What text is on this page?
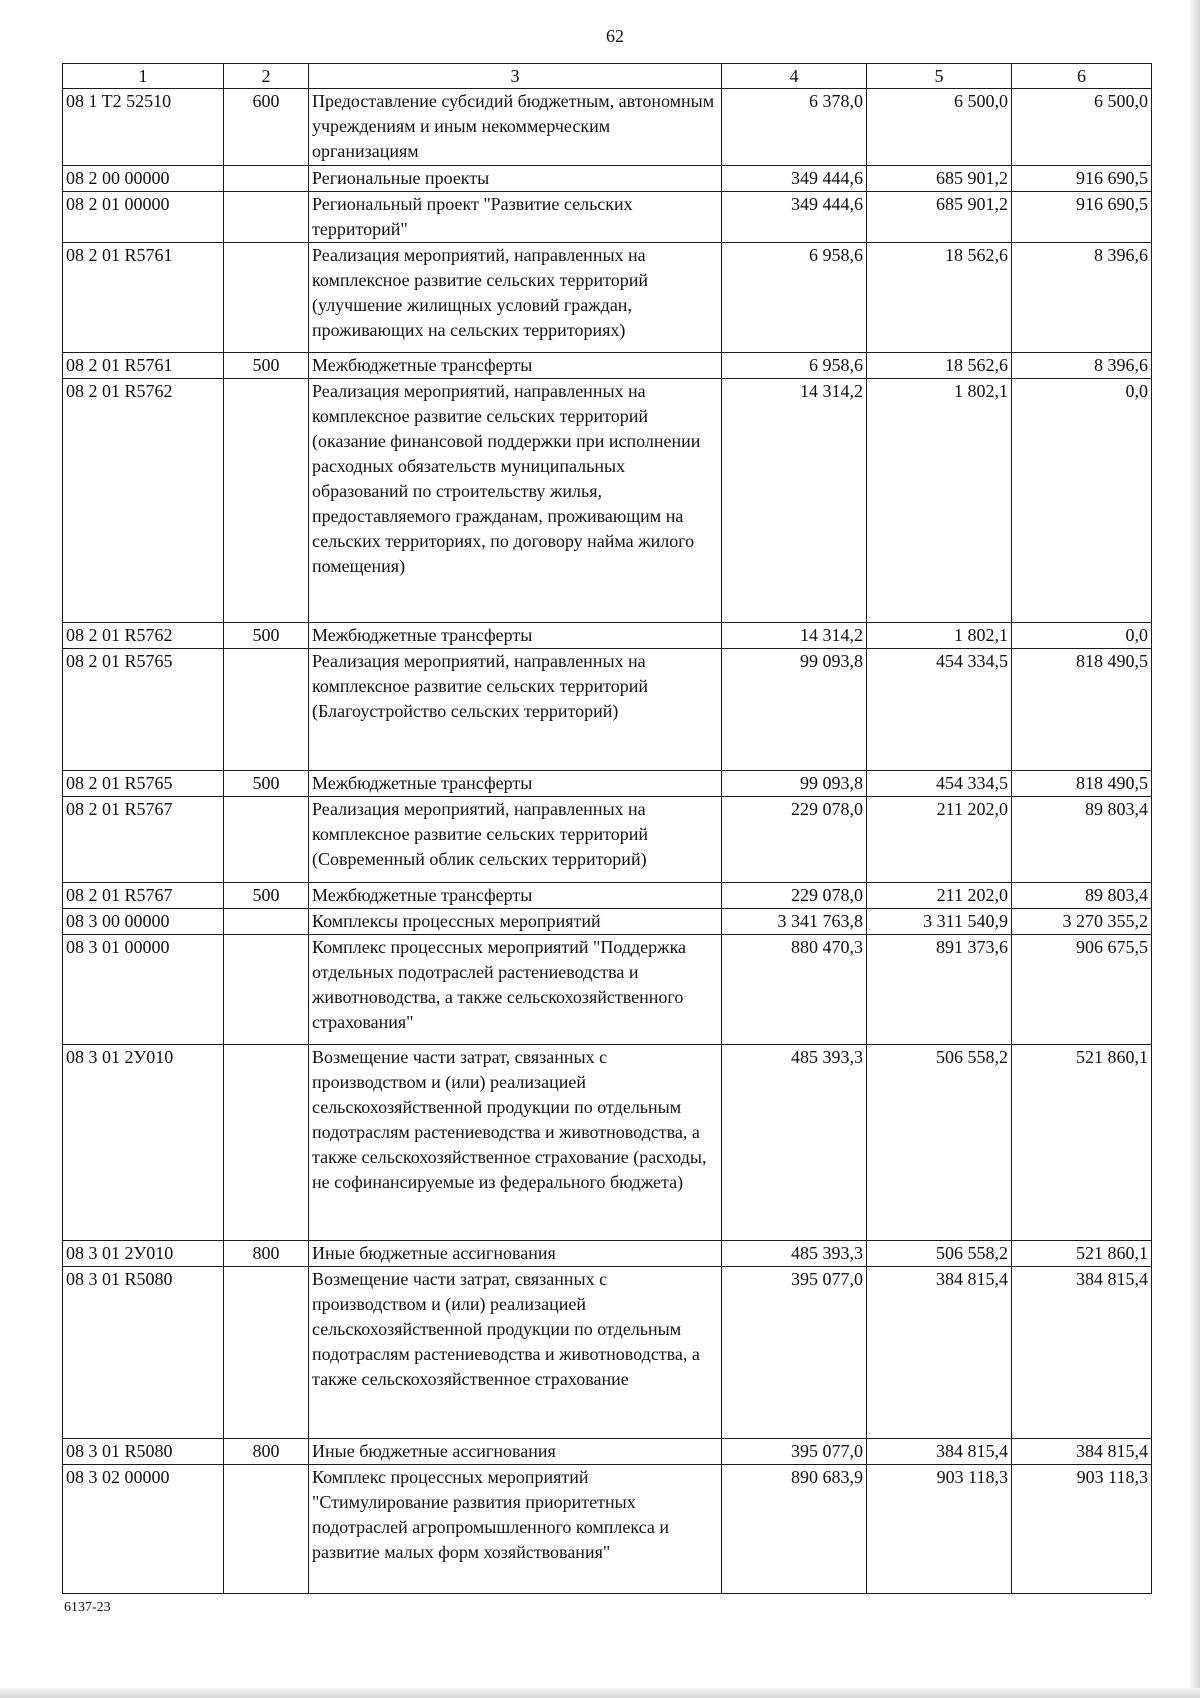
62
1	2	3	4	5	6
08 1 T2 52510	600	Предоставление субсидий бюджетным, автономным учреждениям и иным некоммерческим организациям	6 378,0	6 500,0	6 500,0
08 2 00 00000		Региональные проекты	349 444,6	685 901,2	916 690,5
08 2 01 00000		Региональный проект "Развитие сельских территорий"	349 444,6	685 901,2	916 690,5
08 2 01 R5761		Реализация мероприятий, направленных на комплексное развитие сельских территорий (улучшение жилищных условий граждан, проживающих на сельских территориях)	6 958,6	18 562,6	8 396,6
08 2 01 R5761	500	Межбюджетные трансферты	6 958,6	18 562,6	8 396,6
08 2 01 R5762		Реализация мероприятий, направленных на комплексное развитие сельских территорий (оказание финансовой поддержки при исполнении расходных обязательств муниципальных образований по строительству жилья, предоставляемого гражданам, проживающим на сельских территориях, по договору найма жилого помещения)	14 314,2	1 802,1	0,0
08 2 01 R5762	500	Межбюджетные трансферты	14 314,2	1 802,1	0,0
08 2 01 R5765		Реализация мероприятий, направленных на комплексное развитие сельских территорий (Благоустройство сельских территорий)	99 093,8	454 334,5	818 490,5
08 2 01 R5765	500	Межбюджетные трансферты	99 093,8	454 334,5	818 490,5
08 2 01 R5767		Реализация мероприятий, направленных на комплексное развитие сельских территорий (Современный облик сельских территорий)	229 078,0	211 202,0	89 803,4
08 2 01 R5767	500	Межбюджетные трансферты	229 078,0	211 202,0	89 803,4
08 3 00 00000		Комплексы процессных мероприятий	3 341 763,8	3 311 540,9	3 270 355,2
08 3 01 00000		Комплекс процессных мероприятий "Поддержка отдельных подотраслей растениеводства и животноводства, а также сельскохозяйственного страхования"	880 470,3	891 373,6	906 675,5
08 3 01 2У010		Возмещение части затрат, связанных с производством и (или) реализацией сельскохозяйственной продукции по отдельным подотраслям растениеводства и животноводства, а также сельскохозяйственное страхование (расходы, не софинансируемые из федерального бюджета)	485 393,3	506 558,2	521 860,1
08 3 01 2У010	800	Иные бюджетные ассигнования	485 393,3	506 558,2	521 860,1
08 3 01 R5080		Возмещение части затрат, связанных с производством и (или) реализацией сельскохозяйственной продукции по отдельным подотраслям растениеводства и животноводства, а также сельскохозяйственное страхование	395 077,0	384 815,4	384 815,4
08 3 01 R5080	800	Иные бюджетные ассигнования	395 077,0	384 815,4	384 815,4
08 3 02 00000		Комплекс процессных мероприятий "Стимулирование развития приоритетных подотраслей агропромышленного комплекса и развитие малых форм хозяйствования"	890 683,9	903 118,3	903 118,3
6137-23
